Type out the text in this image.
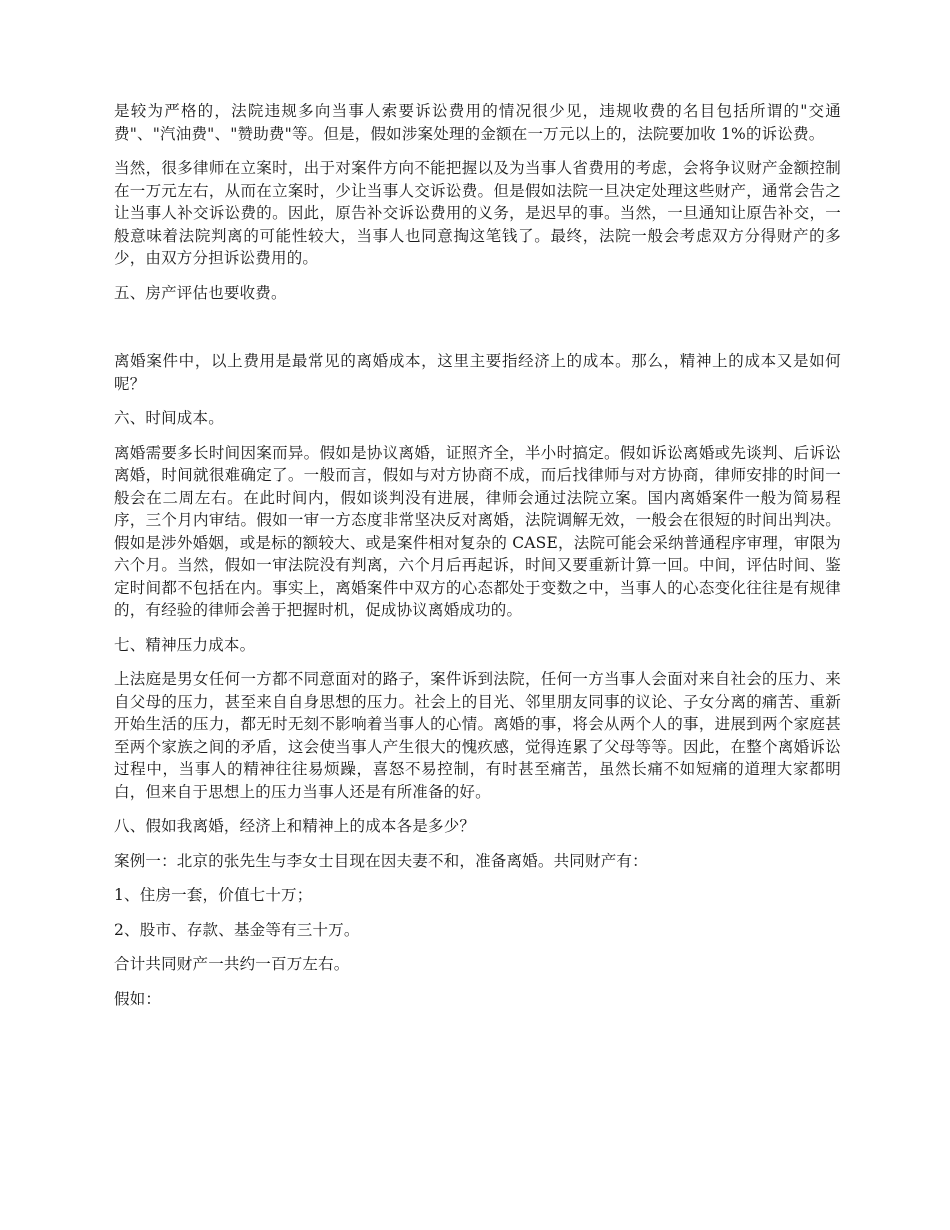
是较为严格的，法院违规多向当事人索要诉讼费用的情况很少见，违规收费的名目包括所谓的"交通费"、"汽油费"、"赞助费"等。但是，假如涉案处理的金额在一万元以上的，法院要加收 1%的诉讼费。

当然，很多律师在立案时，出于对案件方向不能把握以及为当事人省费用的考虑，会将争议财产金额控制在一万元左右，从而在立案时，少让当事人交诉讼费。但是假如法院一旦决定处理这些财产，通常会告之让当事人补交诉讼费的。因此，原告补交诉讼费用的义务，是迟早的事。当然，一旦通知让原告补交，一般意味着法院判离的可能性较大，当事人也同意掏这笔钱了。最终，法院一般会考虑双方分得财产的多少，由双方分担诉讼费用的。

五、房产评估也要收费。

离婚案件中，以上费用是最常见的离婚成本，这里主要指经济上的成本。那么，精神上的成本又是如何呢？

六、时间成本。

离婚需要多长时间因案而异。假如是协议离婚，证照齐全，半小时搞定。假如诉讼离婚或先谈判、后诉讼离婚，时间就很难确定了。一般而言，假如与对方协商不成，而后找律师与对方协商，律师安排的时间一般会在二周左右。在此时间内，假如谈判没有进展，律师会通过法院立案。国内离婚案件一般为简易程序，三个月内审结。假如一审一方态度非常坚决反对离婚，法院调解无效，一般会在很短的时间出判决。假如是涉外婚姻，或是标的额较大、或是案件相对复杂的 CASE，法院可能会采纳普通程序审理，审限为六个月。当然，假如一审法院没有判离，六个月后再起诉，时间又要重新计算一回。中间，评估时间、鉴定时间都不包括在内。事实上，离婚案件中双方的心态都处于变数之中，当事人的心态变化往往是有规律的，有经验的律师会善于把握时机，促成协议离婚成功的。

七、精神压力成本。

上法庭是男女任何一方都不同意面对的路子，案件诉到法院，任何一方当事人会面对来自社会的压力、来自父母的压力，甚至来自自身思想的压力。社会上的目光、邻里朋友同事的议论、子女分离的痛苦、重新开始生活的压力，都无时无刻不影响着当事人的心情。离婚的事，将会从两个人的事，进展到两个家庭甚至两个家族之间的矛盾，这会使当事人产生很大的愧疚感，觉得连累了父母等等。因此，在整个离婚诉讼过程中，当事人的精神往往易烦躁，喜怒不易控制，有时甚至痛苦，虽然长痛不如短痛的道理大家都明白，但来自于思想上的压力当事人还是有所准备的好。

八、假如我离婚，经济上和精神上的成本各是多少？

案例一：北京的张先生与李女士目现在因夫妻不和，准备离婚。共同财产有：

1、住房一套，价值七十万；

2、股市、存款、基金等有三十万。

合计共同财产一共约一百万左右。

假如：
